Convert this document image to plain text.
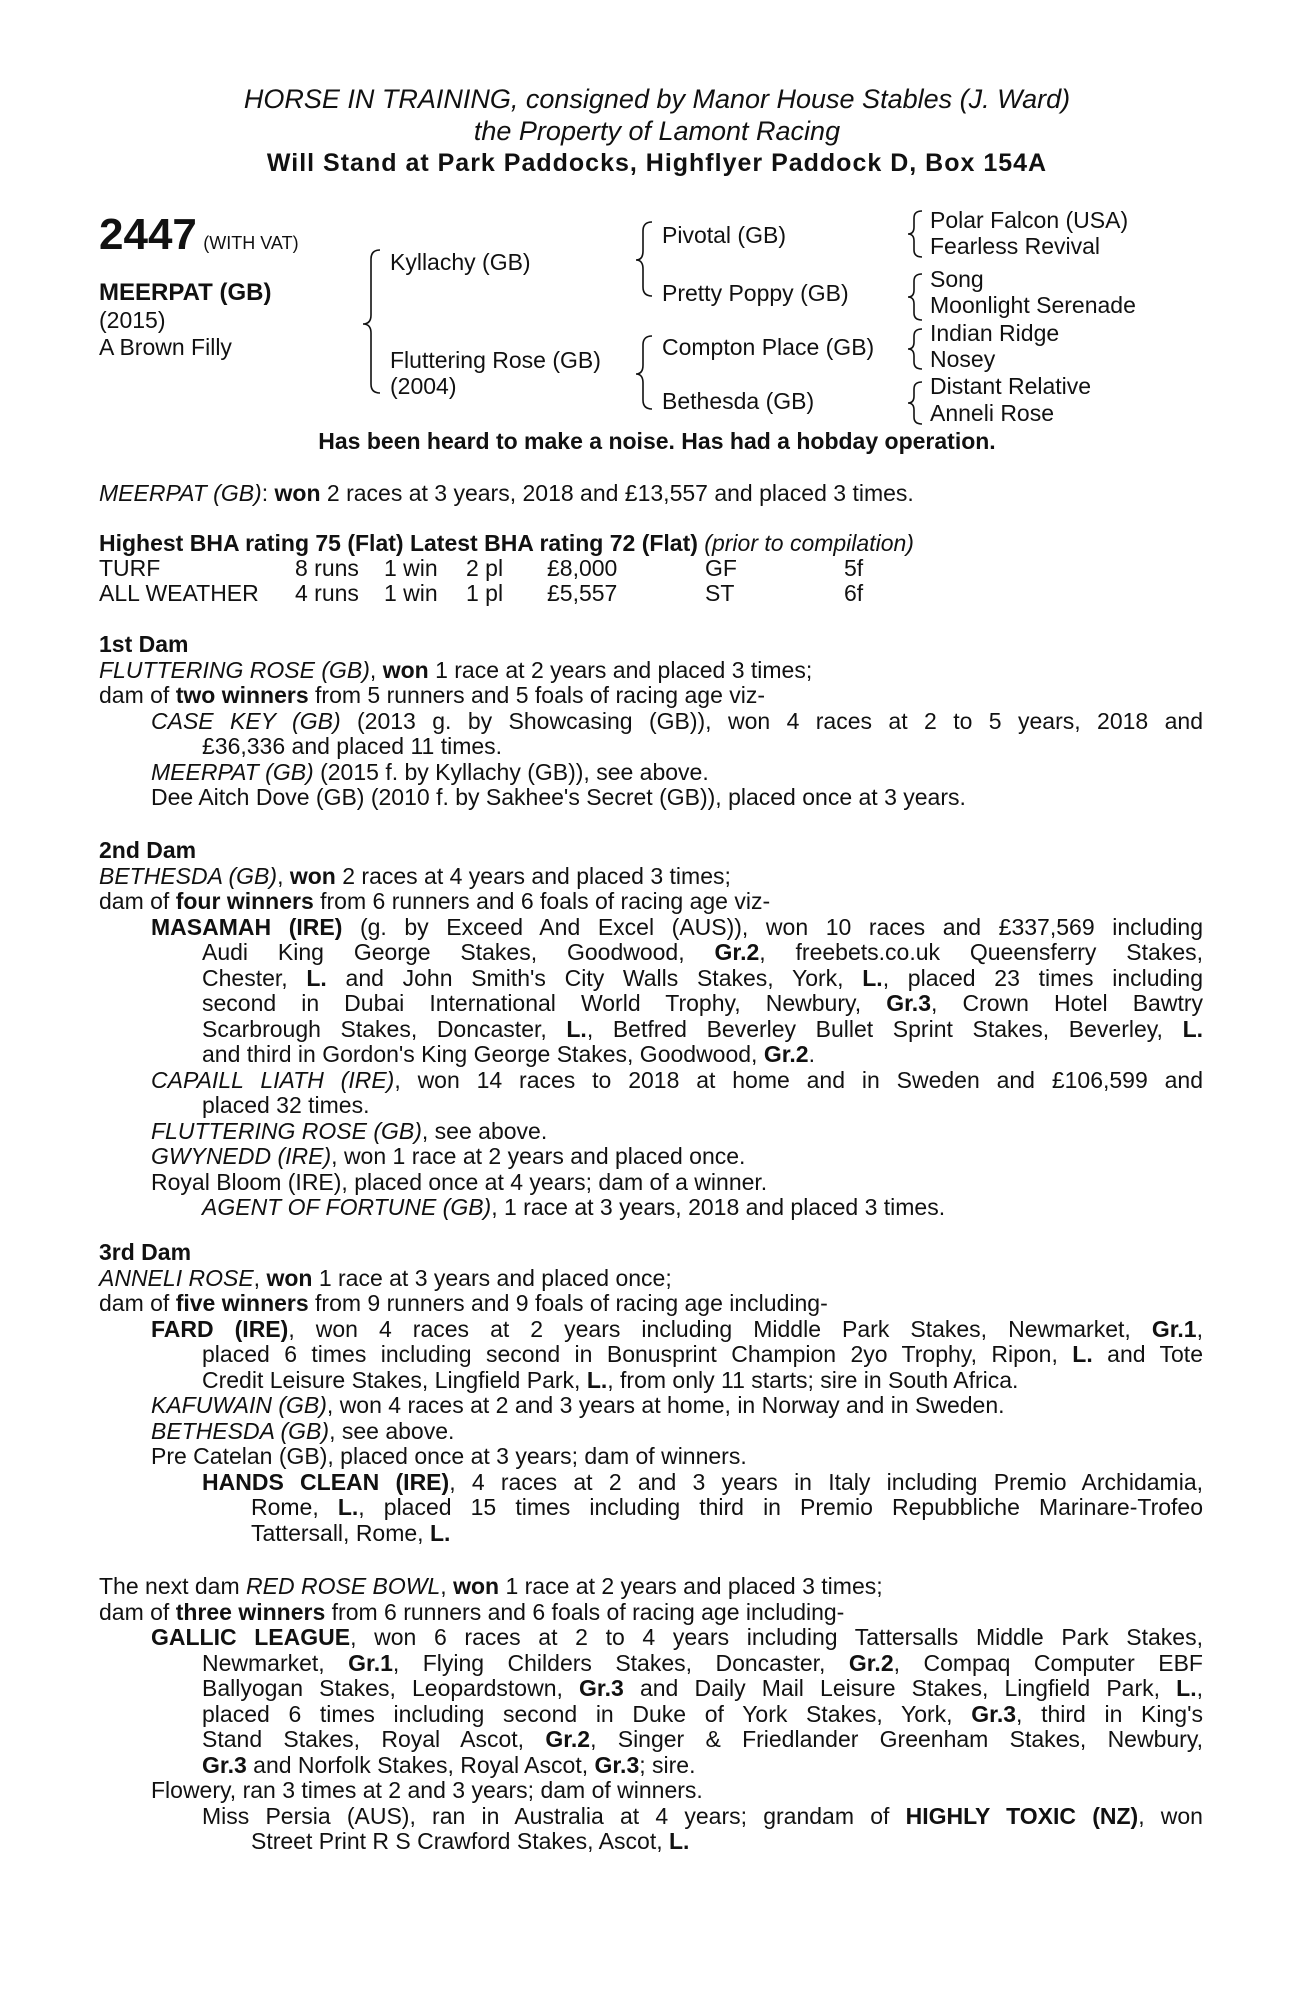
HORSE IN TRAINING, consigned by Manor House Stables (J. Ward)
the Property of Lamont Racing
Will Stand at Park Paddocks, Highflyer Paddock D, Box 154A
2447 (WITH VAT)
MEERPAT (GB)
(2015)
A Brown Filly
Kyllachy (GB)
Fluttering Rose (GB)
(2004)
Pivotal (GB)
Pretty Poppy (GB)
Compton Place (GB)
Bethesda (GB)
Polar Falcon (USA)
Fearless Revival
Song
Moonlight Serenade
Indian Ridge
Nosey
Distant Relative
Anneli Rose
Has been heard to make a noise. Has had a hobday operation.
MEERPAT (GB): won 2 races at 3 years, 2018 and £13,557 and placed 3 times.
Highest BHA rating 75 (Flat) Latest BHA rating 72 (Flat) (prior to compilation)
TURF	8 runs 1 win 2 pl £8,000	GF	5f
ALL WEATHER 4 runs 1 win 1 pl £5,557	ST	6f
1st Dam
FLUTTERING ROSE (GB), won 1 race at 2 years and placed 3 times;
dam of two winners from 5 runners and 5 foals of racing age viz-
CASE KEY (GB) (2013 g. by Showcasing (GB)), won 4 races at 2 to 5 years, 2018 and
£36,336 and placed 11 times.
MEERPAT (GB) (2015 f. by Kyllachy (GB)), see above.
Dee Aitch Dove (GB) (2010 f. by Sakhee's Secret (GB)), placed once at 3 years.
2nd Dam
BETHESDA (GB), won 2 races at 4 years and placed 3 times;
dam of four winners from 6 runners and 6 foals of racing age viz-
MASAMAH (IRE) (g. by Exceed And Excel (AUS)), won 10 races and £337,569 including
Audi King George Stakes, Goodwood, Gr.2, freebets.co.uk Queensferry Stakes,
Chester, L. and John Smith's City Walls Stakes, York, L., placed 23 times including
second in Dubai International World Trophy, Newbury, Gr.3, Crown Hotel Bawtry
Scarbrough Stakes, Doncaster, L., Betfred Beverley Bullet Sprint Stakes, Beverley, L.
and third in Gordon's King George Stakes, Goodwood, Gr.2.
CAPAILL LIATH (IRE), won 14 races to 2018 at home and in Sweden and £106,599 and
placed 32 times.
FLUTTERING ROSE (GB), see above.
GWYNEDD (IRE), won 1 race at 2 years and placed once.
Royal Bloom (IRE), placed once at 4 years; dam of a winner.
AGENT OF FORTUNE (GB), 1 race at 3 years, 2018 and placed 3 times.
3rd Dam
ANNELI ROSE, won 1 race at 3 years and placed once;
dam of five winners from 9 runners and 9 foals of racing age including-
FARD (IRE), won 4 races at 2 years including Middle Park Stakes, Newmarket, Gr.1,
placed 6 times including second in Bonusprint Champion 2yo Trophy, Ripon, L. and Tote
Credit Leisure Stakes, Lingfield Park, L., from only 11 starts; sire in South Africa.
KAFUWAIN (GB), won 4 races at 2 and 3 years at home, in Norway and in Sweden.
BETHESDA (GB), see above.
Pre Catelan (GB), placed once at 3 years; dam of winners.
HANDS CLEAN (IRE), 4 races at 2 and 3 years in Italy including Premio Archidamia,
Rome, L., placed 15 times including third in Premio Repubbliche Marinare-Trofeo
Tattersall, Rome, L.
The next dam RED ROSE BOWL, won 1 race at 2 years and placed 3 times;
dam of three winners from 6 runners and 6 foals of racing age including-
GALLIC LEAGUE, won 6 races at 2 to 4 years including Tattersalls Middle Park Stakes,
Newmarket, Gr.1, Flying Childers Stakes, Doncaster, Gr.2, Compaq Computer EBF
Ballyogan Stakes, Leopardstown, Gr.3 and Daily Mail Leisure Stakes, Lingfield Park, L.,
placed 6 times including second in Duke of York Stakes, York, Gr.3, third in King's
Stand Stakes, Royal Ascot, Gr.2, Singer & Friedlander Greenham Stakes, Newbury,
Gr.3 and Norfolk Stakes, Royal Ascot, Gr.3; sire.
Flowery, ran 3 times at 2 and 3 years; dam of winners.
Miss Persia (AUS), ran in Australia at 4 years; grandam of HIGHLY TOXIC (NZ), won
Street Print R S Crawford Stakes, Ascot, L.
